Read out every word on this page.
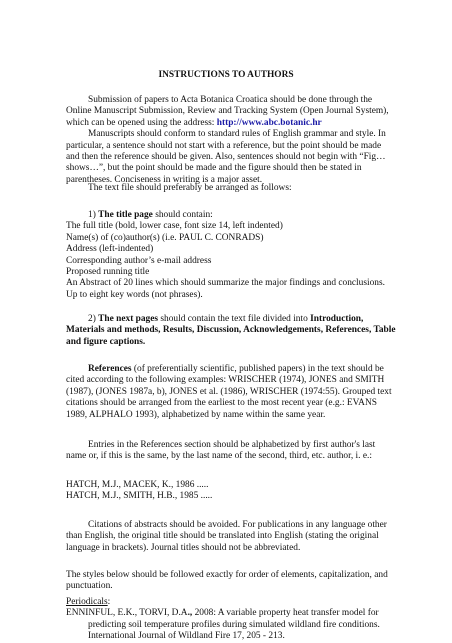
INSTRUCTIONS TO AUTHORS

Submission of papers to Acta Botanica Croatica should be done through the Online Manuscript Submission, Review and Tracking System (Open Journal System), which can be opened using the address: http://www.abc.botanic.hr

Manuscripts should conform to standard rules of English grammar and style. In particular, a sentence should not start with a reference, but the point should be made and then the reference should be given. Also, sentences should not begin with “Fig…shows…”, but the point should be made and the figure should then be stated in parentheses. Conciseness in writing is a major asset.

The text file should preferably be arranged as follows:

1) The title page should contain:

The full title (bold, lower case, font size 14, left indented)

Name(s) of (co)author(s) (i.e. PAUL C. CONRADS)

Address (left-indented)

Corresponding author’s e-mail address

Proposed running title

An Abstract of 20 lines which should summarize the major findings and conclusions.

Up to eight key words (not phrases).

2) The next pages should contain the text file divided into Introduction, Materials and methods, Results, Discussion, Acknowledgements, References, Table and figure captions.

References (of preferentially scientific, published papers) in the text should be cited according to the following examples: WRISCHER (1974), JONES and SMITH (1987), (JONES 1987a, b), JONES et al. (1986), WRISCHER (1974:55). Grouped text citations should be arranged from the earliest to the most recent year (e.g.: EVANS 1989, ALPHALO 1993), alphabetized by name within the same year.

Entries in the References section should be alphabetized by first author's last name or, if this is the same, by the last name of the second, third, etc. author, i. e.:

HATCH, M.J., MACEK, K., 1986 .....

HATCH, M.J., SMITH, H.B., 1985 .....

Citations of abstracts should be avoided. For publications in any language other than English, the original title should be translated into English (stating the original language in brackets). Journal titles should not be abbreviated.

The styles below should be followed exactly for order of elements, capitalization, and punctuation.

Periodicals:

ENNINFUL, E.K., TORVI, D.A., 2008: A variable property heat transfer model for predicting soil temperature profiles during simulated wildland fire conditions. International Journal of Wildland Fire 17, 205 - 213.
